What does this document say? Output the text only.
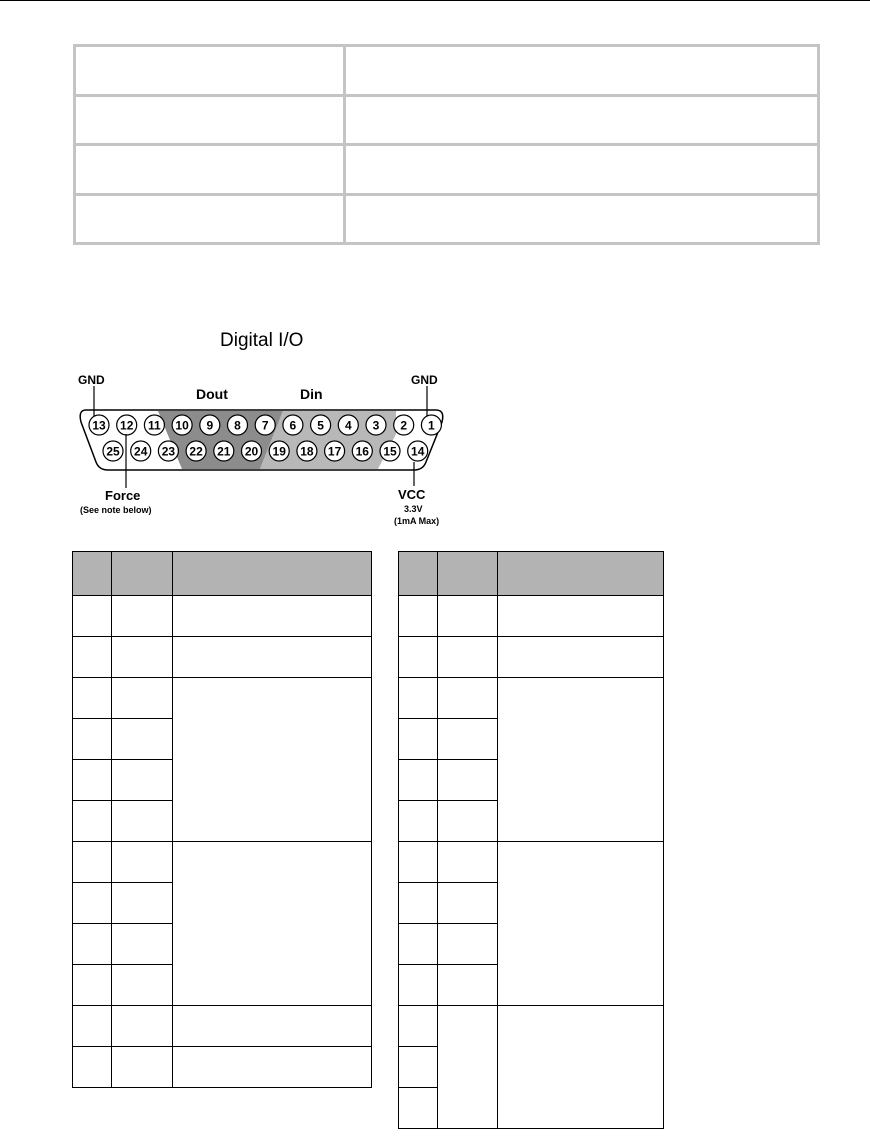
Digital I/O
13 12 11 10 9 8 7 6 5 4 3 2 1
25 24 23 22 21 20 19 18 17 16 15 14
GND	GND
Dout	Din
Force
(See note below)
VCC
3.3V
(1mA Max)
